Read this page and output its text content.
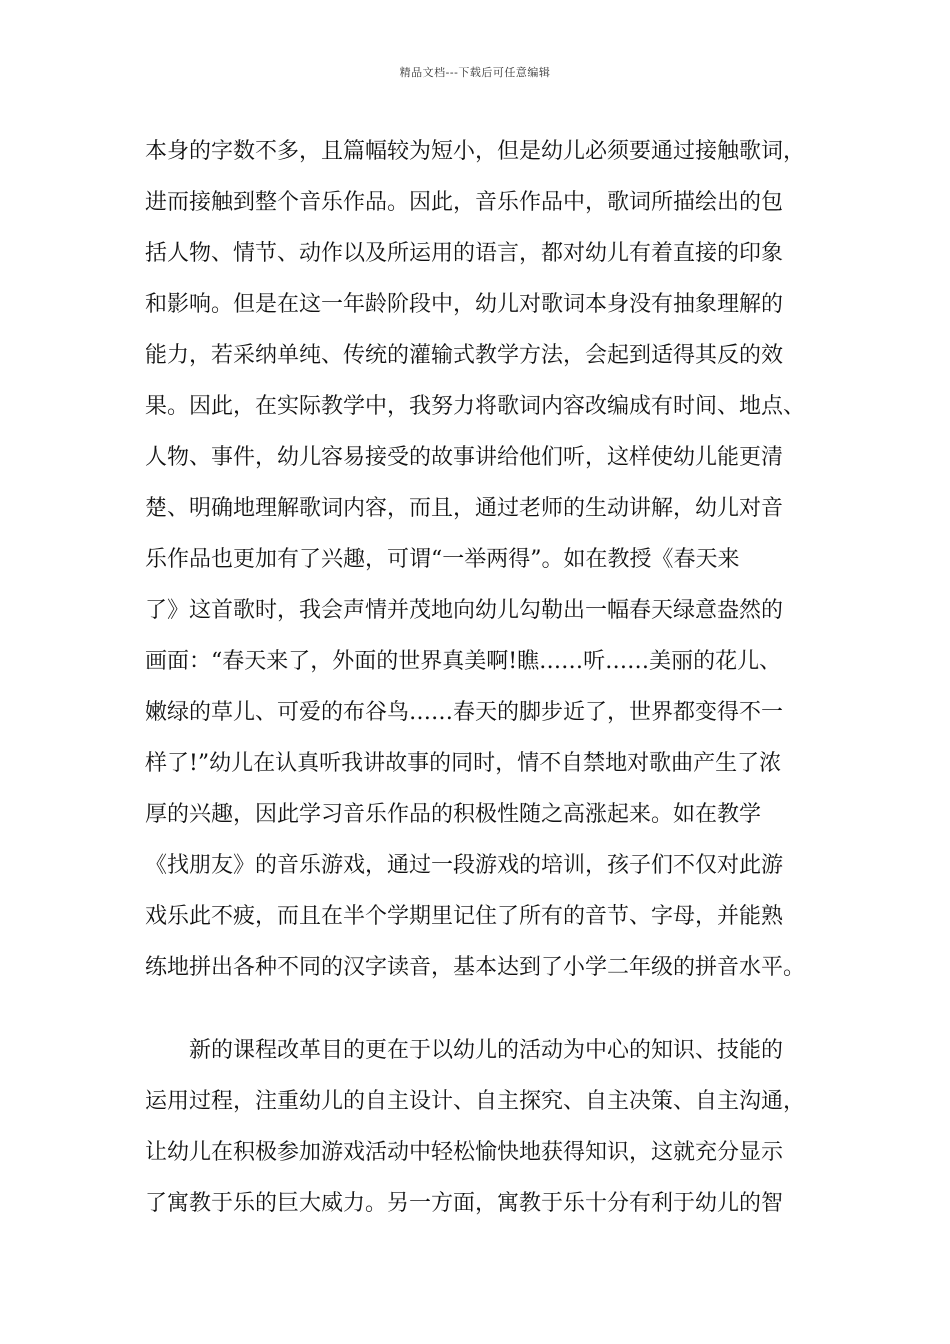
精品文档---下载后可任意编辑
本身的字数不多，且篇幅较为短小，但是幼儿必须要通过接触歌词，
进而接触到整个音乐作品。因此，音乐作品中，歌词所描绘出的包
括人物、情节、动作以及所运用的语言，都对幼儿有着直接的印象
和影响。但是在这一年龄阶段中，幼儿对歌词本身没有抽象理解的
能力，若采纳单纯、传统的灌输式教学方法，会起到适得其反的效
果。因此，在实际教学中，我努力将歌词内容改编成有时间、地点、
人物、事件，幼儿容易接受的故事讲给他们听，这样使幼儿能更清
楚、明确地理解歌词内容，而且，通过老师的生动讲解，幼儿对音
乐作品也更加有了兴趣，可谓“一举两得”。如在教授《春天来
了》这首歌时，我会声情并茂地向幼儿勾勒出一幅春天绿意盎然的
画面：“春天来了，外面的世界真美啊!瞧……听……美丽的花儿、
嫩绿的草儿、可爱的布谷鸟……春天的脚步近了，世界都变得不一
样了!”幼儿在认真听我讲故事的同时，情不自禁地对歌曲产生了浓
厚的兴趣，因此学习音乐作品的积极性随之高涨起来。如在教学
《找朋友》的音乐游戏，通过一段游戏的培训，孩子们不仅对此游
戏乐此不疲，而且在半个学期里记住了所有的音节、字母，并能熟
练地拼出各种不同的汉字读音，基本达到了小学二年级的拼音水平。
新的课程改革目的更在于以幼儿的活动为中心的知识、技能的
运用过程，注重幼儿的自主设计、自主探究、自主决策、自主沟通，
让幼儿在积极参加游戏活动中轻松愉快地获得知识，这就充分显示
了寓教于乐的巨大威力。另一方面，寓教于乐十分有利于幼儿的智
